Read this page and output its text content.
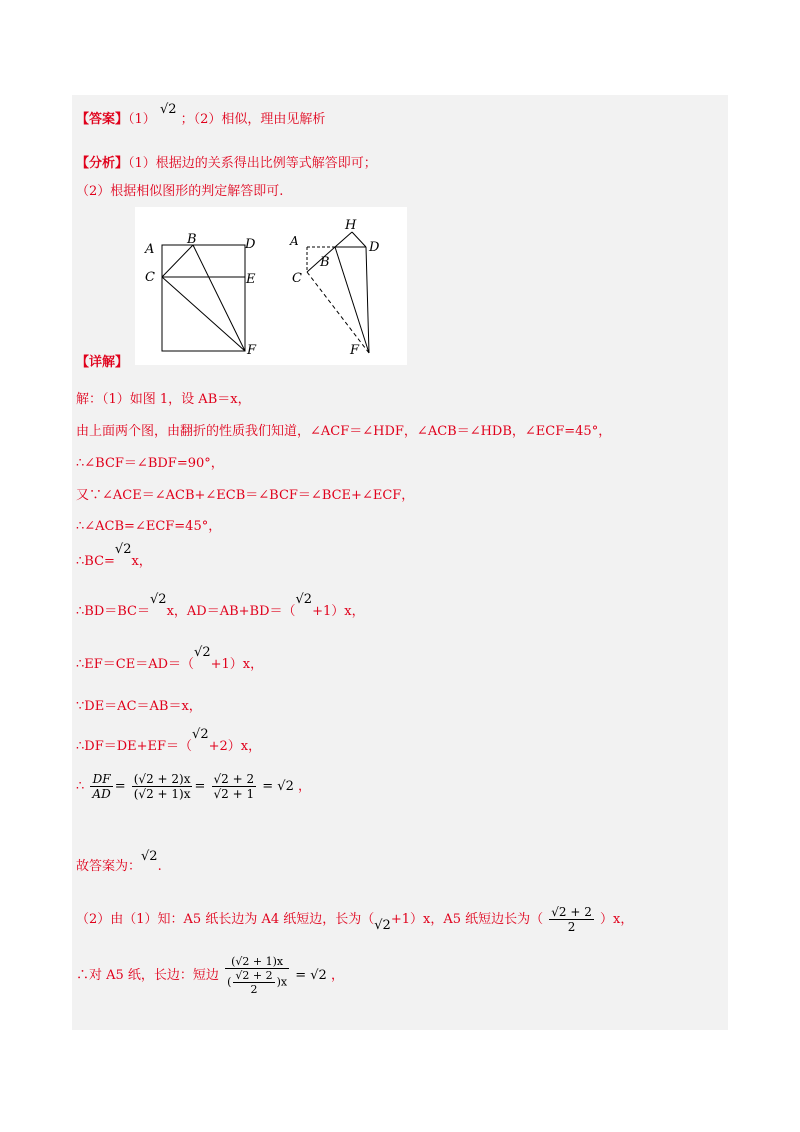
【答案】（1） √2 ；（2）相似，理由见解析
【分析】（1）根据边的关系得出比例等式解答即可；
（2）根据相似图形的判定解答即可.
A
B	D
C	E
F
A
H
D
B
C
F
【详解】
解：（1）如图 1，设 AB＝x，
由上面两个图，由翻折的性质我们知道，∠ACF＝∠HDF，∠ACB＝∠HDB，∠ECF=45°，
∴∠BCF＝∠BDF=90°，
又∵∠ACE＝∠ACB+∠ECB＝∠BCF＝∠BCE+∠ECF，
∴∠ACB=∠ECF=45°，
∴BC=√2x，
∴BD＝BC＝√2x，AD＝AB+BD＝（√2+1）x，
∴EF＝CE＝AD＝（√2+1）x，
∵DE＝AC＝AB＝x，
∴DF＝DE+EF＝（√2+2）x，
∴ $\frac{DF}{AD} = \frac{(√2 + 2)x}{(√2 + 1)x} = \frac{√2 + 2}{√2 + 1} = √2$ ，
故答案为：√2.
（2）由（1）知：A5 纸长边为 A4 纸短边，长为（√2+1）x，A5 纸短边长为（ $\frac{√2 + 2}{2} )x$，
∴对 A5 纸，长边：短边 $\frac{(√2 + 1)x}{( \frac{√2 + 2}{2} )x} = √2$ ，
